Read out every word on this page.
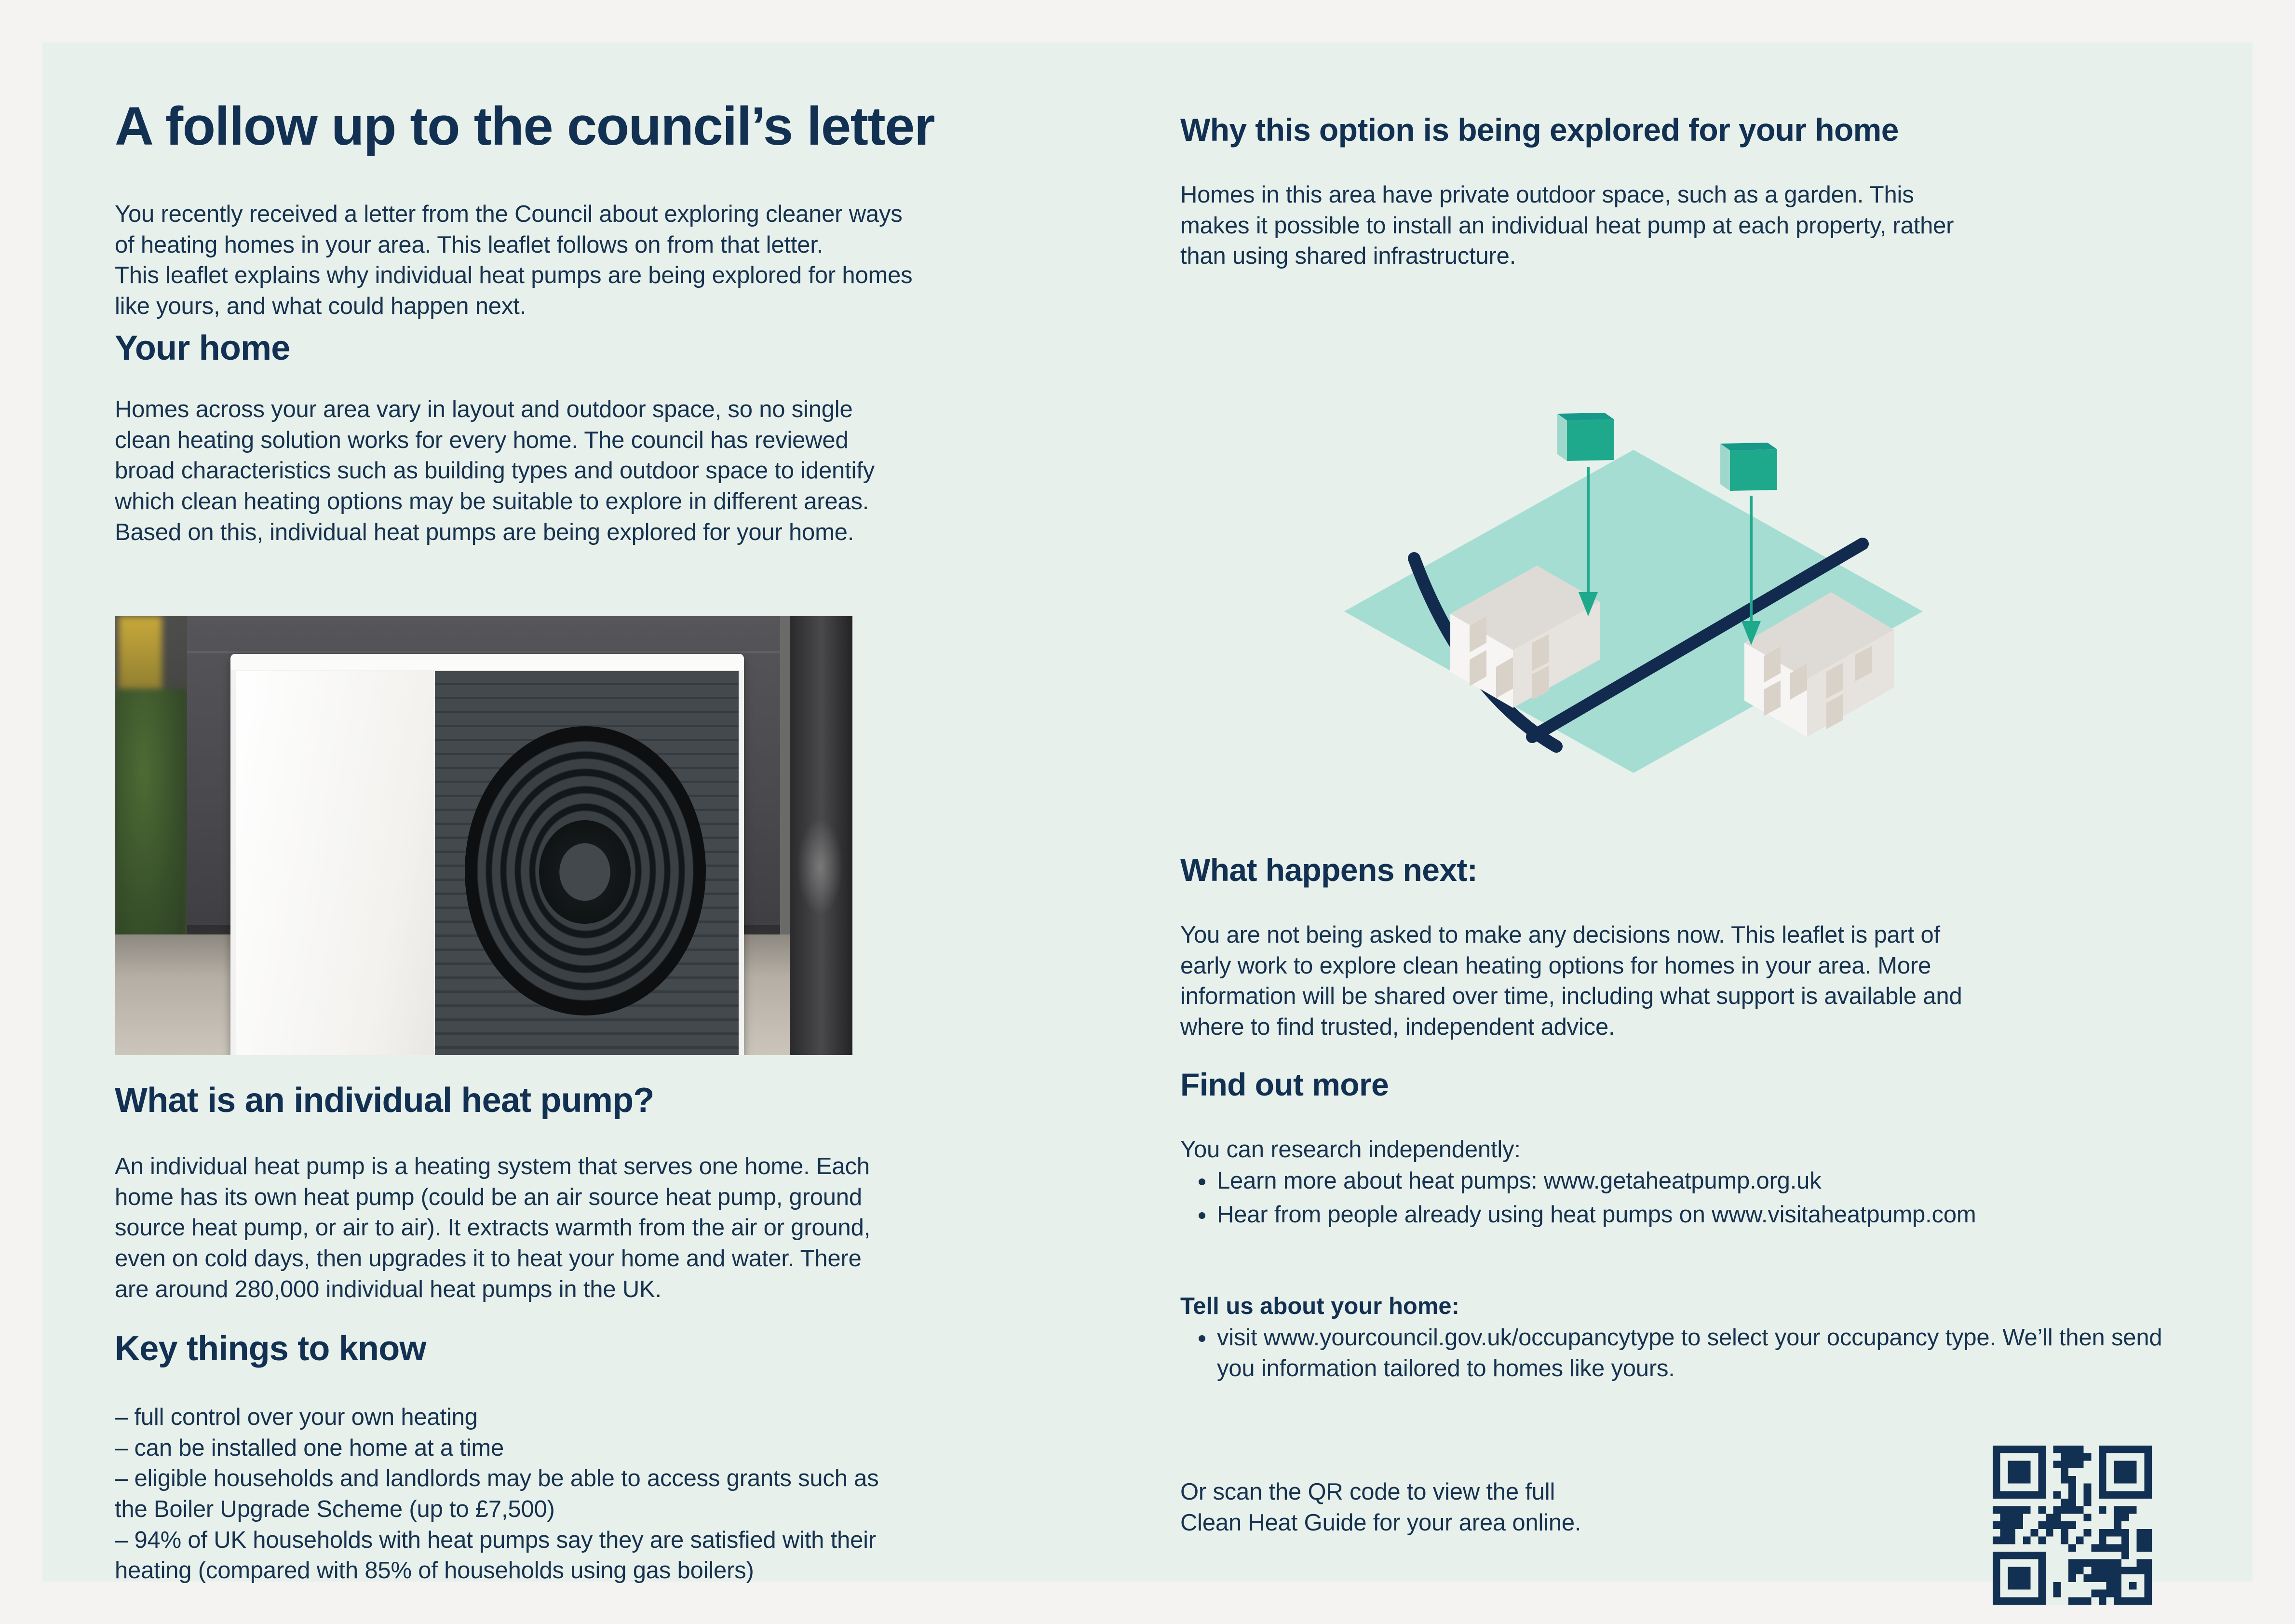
A follow up to the council’s letter

You recently received a letter from the Council about exploring cleaner ways

of heating homes in your area. This leaflet follows on from that letter.

This leaflet explains why individual heat pumps are being explored for homes

like yours, and what could happen next.

Your home

Homes across your area vary in layout and outdoor space, so no single

clean heating solution works for every home. The council has reviewed

broad characteristics such as building types and outdoor space to identify

which clean heating options may be suitable to explore in different areas.

Based on this, individual heat pumps are being explored for your home.

What is an individual heat pump?

An individual heat pump is a heating system that serves one home. Each

home has its own heat pump (could be an air source heat pump, ground

source heat pump, or air to air). It extracts warmth from the air or ground,

even on cold days, then upgrades it to heat your home and water. There

are around 280,000 individual heat pumps in the UK.

Key things to know
– full control over your own heating
– can be installed one home at a time
– eligible households and landlords may be able to access grants such as
the Boiler Upgrade Scheme (up to £7,500)
– 94% of UK households with heat pumps say they are satisfied with their
heating (compared with 85% of households using gas boilers)
Why this option is being explored for your home

Homes in this area have private outdoor space, such as a garden. This

makes it possible to install an individual heat pump at each property, rather

than using shared infrastructure.

What happens next:

You are not being asked to make any decisions now. This leaflet is part of

early work to explore clean heating options for homes in your area. More

information will be shared over time, including what support is available and

where to find trusted, independent advice.

Find out more

You can research independently:

Learn more about heat pumps: www.getaheatpump.org.uk
Hear from people already using heat pumps on www.visitaheatpump.com

Tell us about your home:

visit www.yourcouncil.gov.uk/occupancytype to select your occupancy type. We’ll then send you information tailored to homes like yours.

Or scan the QR code to view the full

Clean Heat Guide for your area online.
